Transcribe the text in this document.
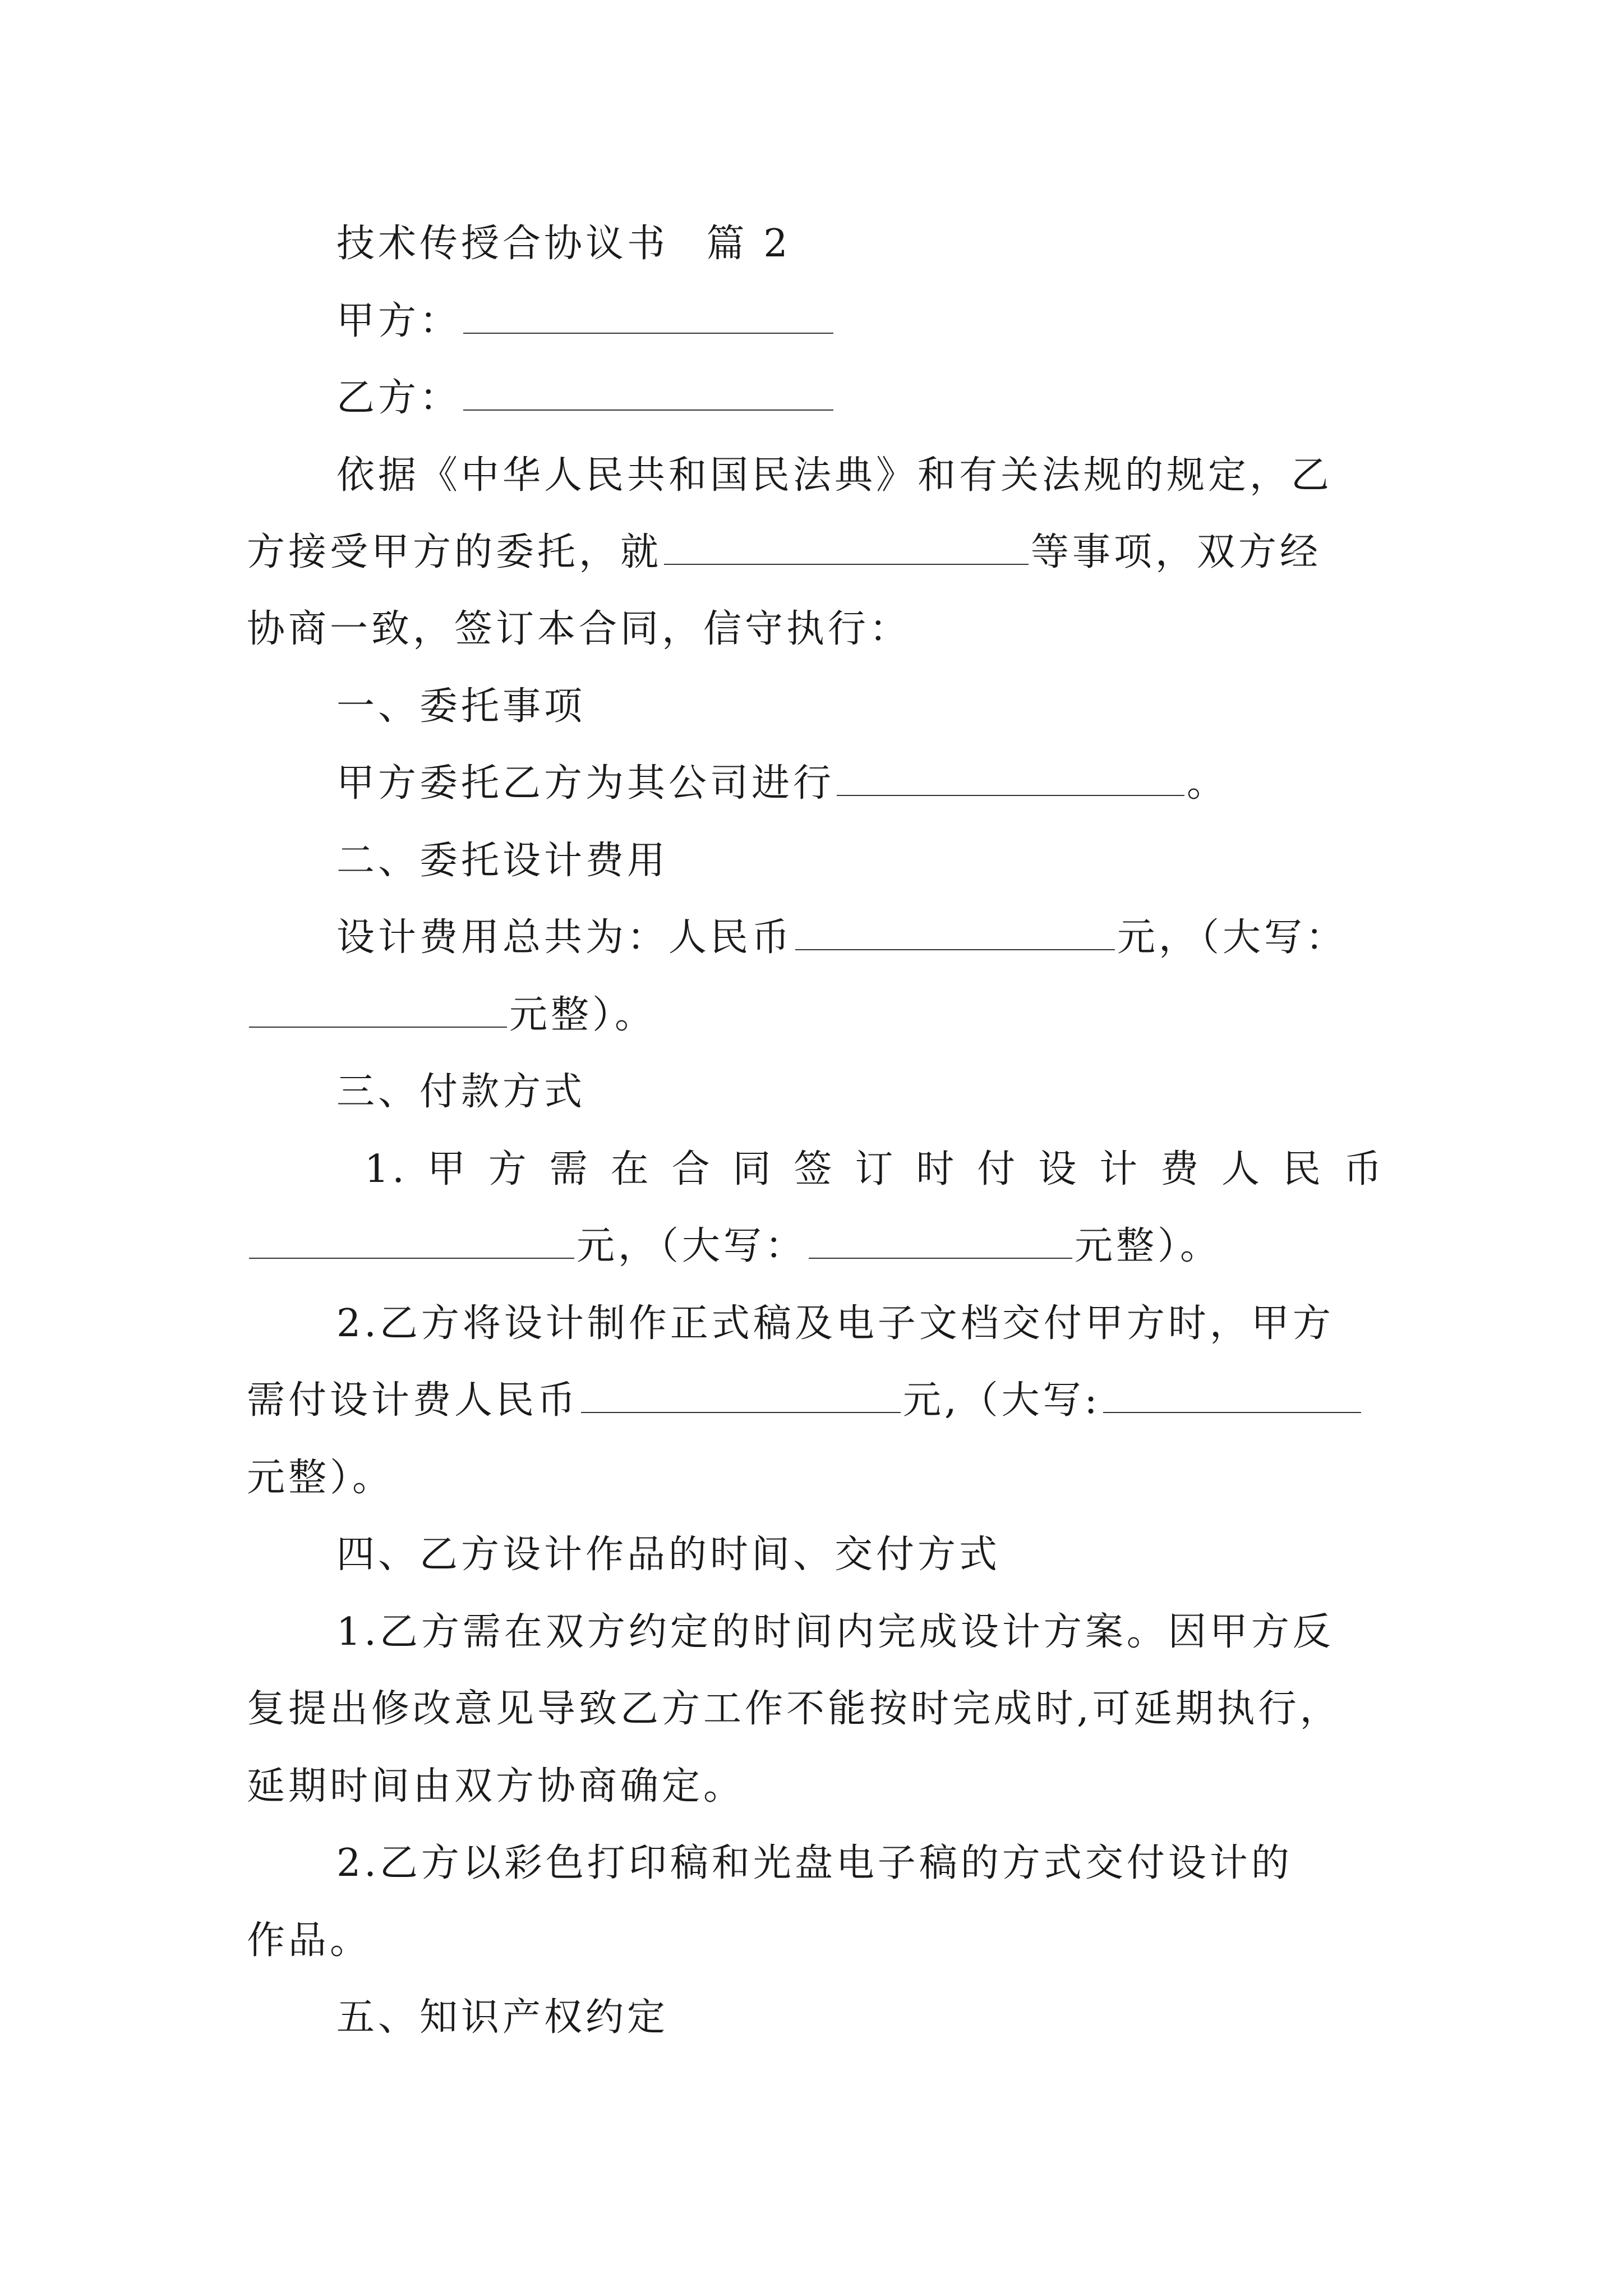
技术传授合协议书 篇 2
甲方：
乙方：
依据《中华人民共和国民法典》和有关法规的规定，乙
方接受甲方的委托，就	等事项，双方经
协商一致，签订本合同，信守执行：
一、委托事项
甲方委托乙方为其公司进行	。
二、委托设计费用
设计费用总共为：人民币	元，（大写：
元整）。
三、付款方式
1. 甲 方 需 在 合 同 签 订 时 付 设 计 费 人 民 币
元，（大写：	元整）。
2.乙方将设计制作正式稿及电子文档交付甲方时，甲方
需付设计费人民币	元,（大写:
元整）。
四、乙方设计作品的时间、交付方式
1.乙方需在双方约定的时间内完成设计方案。因甲方反
复提出修改意见导致乙方工作不能按时完成时,可延期执行，
延期时间由双方协商确定。
2.乙方以彩色打印稿和光盘电子稿的方式交付设计的
作品。
五、知识产权约定
